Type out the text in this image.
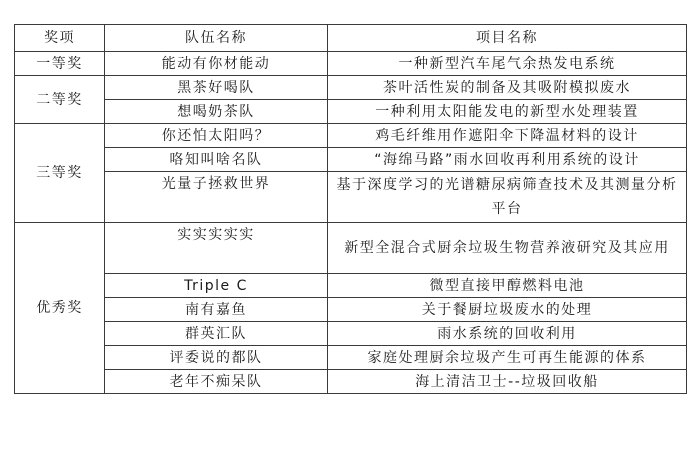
奖项	队伍名称	项目名称
一等奖	能动有你材能动	一种新型汽车尾气余热发电系统
二等奖	黑茶好喝队	茶叶活性炭的制备及其吸附模拟废水
	想喝奶茶队	一种利用太阳能发电的新型水处理装置
三等奖	你还怕太阳吗？	鸡毛纤维用作遮阳伞下降温材料的设计
	咯知叫啥名队	“海绵马路”雨水回收再利用系统的设计
	光量子拯救世界	基于深度学习的光谱糖尿病筛查技术及其测量分析平台
优秀奖	实实实实实	新型全混合式厨余垃圾生物营养液研究及其应用
	Triple C	微型直接甲醇燃料电池
	南有嘉鱼	关于餐厨垃圾废水的处理
	群英汇队	雨水系统的回收利用
	评委说的都队	家庭处理厨余垃圾产生可再生能源的体系
	老年不痴呆队	海上清洁卫士--垃圾回收船
